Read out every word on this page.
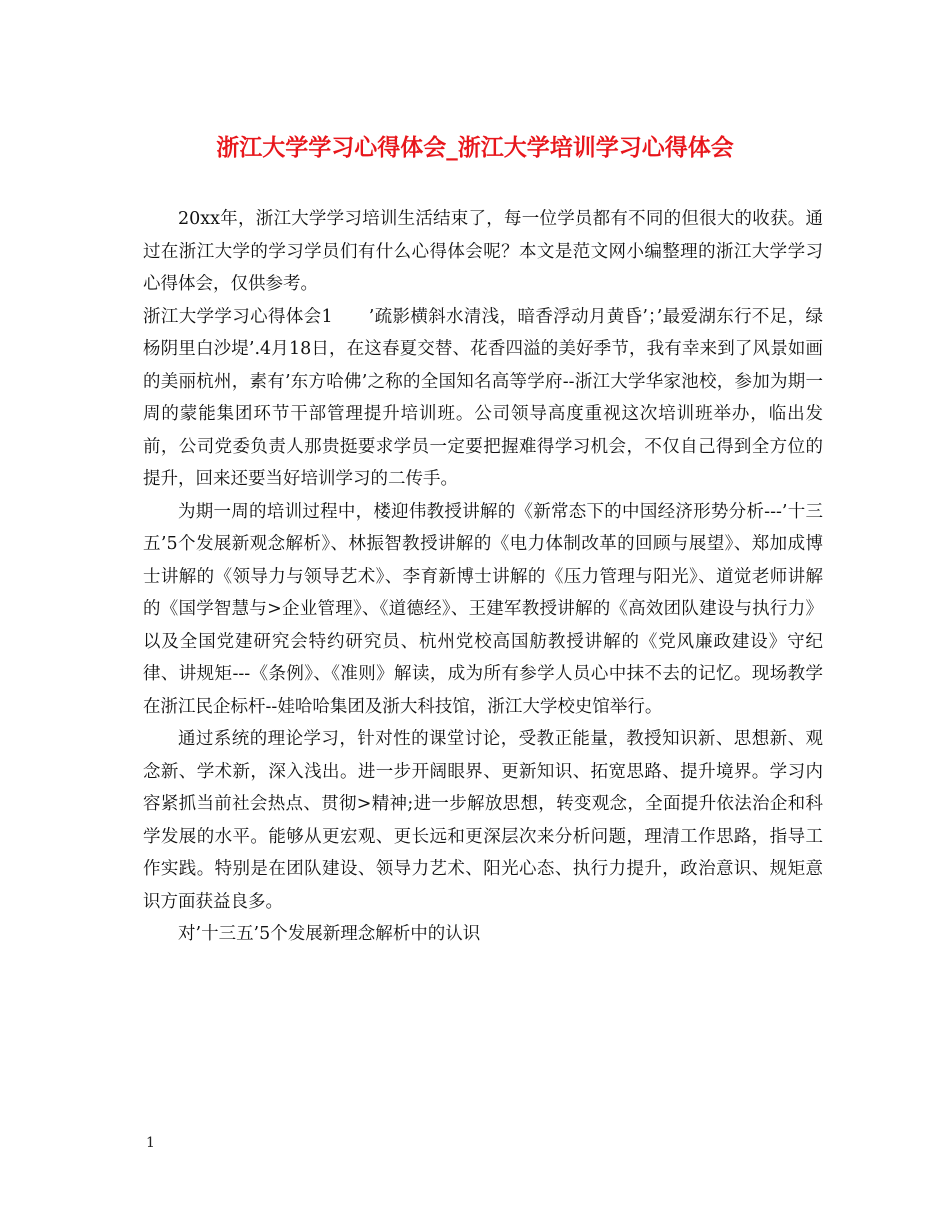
浙江大学学习心得体会_浙江大学培训学习心得体会

20xx年，浙江大学学习培训生活结束了，每一位学员都有不同的但很大的收获。通过在浙江大学的学习学员们有什么心得体会呢？本文是范文网小编整理的浙江大学学习心得体会，仅供参考。

浙江大学学习心得体会1　　’疏影横斜水清浅，暗香浮动月黄昏’；’最爱湖东行不足，绿杨阴里白沙堤’.4月18日，在这春夏交替、花香四溢的美好季节，我有幸来到了风景如画的美丽杭州，素有’东方哈佛’之称的全国知名高等学府--浙江大学华家池校，参加为期一周的蒙能集团环节干部管理提升培训班。公司领导高度重视这次培训班举办，临出发前，公司党委负责人那贵挺要求学员一定要把握难得学习机会，不仅自己得到全方位的提升，回来还要当好培训学习的二传手。

为期一周的培训过程中，楼迎伟教授讲解的《新常态下的中国经济形势分析---’十三五’5个发展新观念解析》、林振智教授讲解的《电力体制改革的回顾与展望》、郑加成博士讲解的《领导力与领导艺术》、李育新博士讲解的《压力管理与阳光》、道觉老师讲解的《国学智慧与>企业管理》、《道德经》、王建军教授讲解的《高效团队建设与执行力》以及全国党建研究会特约研究员、杭州党校高国舫教授讲解的《党风廉政建设》守纪律、讲规矩---《条例》、《准则》解读，成为所有参学人员心中抹不去的记忆。现场教学在浙江民企标杆--娃哈哈集团及浙大科技馆，浙江大学校史馆举行。

通过系统的理论学习，针对性的课堂讨论，受教正能量，教授知识新、思想新、观念新、学术新，深入浅出。进一步开阔眼界、更新知识、拓宽思路、提升境界。学习内容紧抓当前社会热点、贯彻>精神;进一步解放思想，转变观念，全面提升依法治企和科学发展的水平。能够从更宏观、更长远和更深层次来分析问题，理清工作思路，指导工作实践。特别是在团队建设、领导力艺术、阳光心态、执行力提升，政治意识、规矩意识方面获益良多。

对’十三五’5个发展新理念解析中的认识

1
